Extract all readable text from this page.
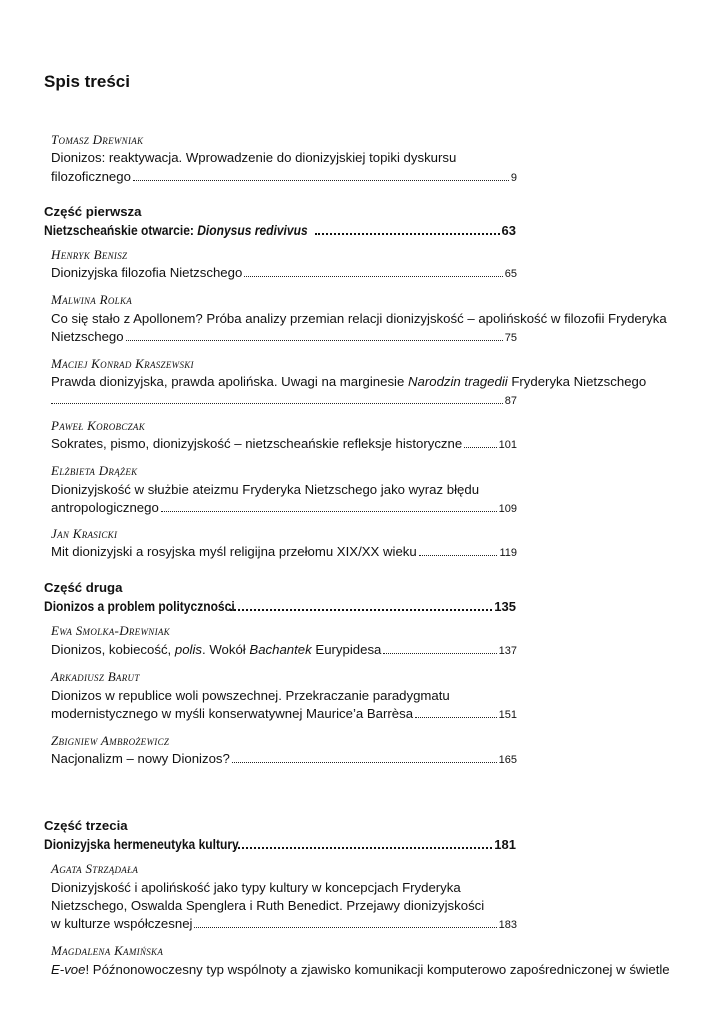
Spis treści
Tomasz Drewniak
Dionizos: reaktywacja. Wprowadzenie do dionizyjskiej topiki dyskursu
filozoficznego	9
Część pierwsza
Nietzscheańskie otwarcie: Dionysus redivivus	63
Henryk Benisz
Dionizyjska filozofia Nietzschego	65
Malwina Rolka
Co się stało z Apollonem? Próba analizy przemian relacji dionizyjskość – apolińskość w filozofii Fryderyka
Nietzschego	75
Maciej Konrad Kraszewski
Prawda dionizyjska, prawda apolińska. Uwagi na marginesie Narodzin tragedii Fryderyka Nietzschego
87
Paweł Korobczak
Sokrates, pismo, dionizyjskość – nietzscheańskie refleksje historyczne	101
Elżbieta Drążek
Dionizyjskość w służbie ateizmu Fryderyka Nietzschego jako wyraz błędu
antropologicznego	109
Jan Krasicki
Mit dionizyjski a rosyjska myśl religijna przełomu XIX/XX wieku	119
Część druga
Dionizos a problem polityczności	135
Ewa Smolka-Drewniak
Dionizos, kobiecość, polis. Wokół Bachantek Eurypidesa	137
Arkadiusz Barut
Dionizos w republice woli powszechnej. Przekraczanie paradygmatu
modernistycznego w myśli konserwatywnej Maurice’a Barrèsa	151
Zbigniew Ambrożewicz
Nacjonalizm – nowy Dionizos?	165
Część trzecia
Dionizyjska hermeneutyka kultury	181
Agata Strządała
Dionizyjskość i apolińskość jako typy kultury w koncepcjach Fryderyka
Nietzschego, Oswalda Spenglera i Ruth Benedict. Przejawy dionizyjskości
w kulturze współczesnej	183
Magdalena Kamińska
E-voe! Późnonowoczesny typ wspólnoty a zjawisko komunikacji komputerowo zapośredniczonej w świetle
